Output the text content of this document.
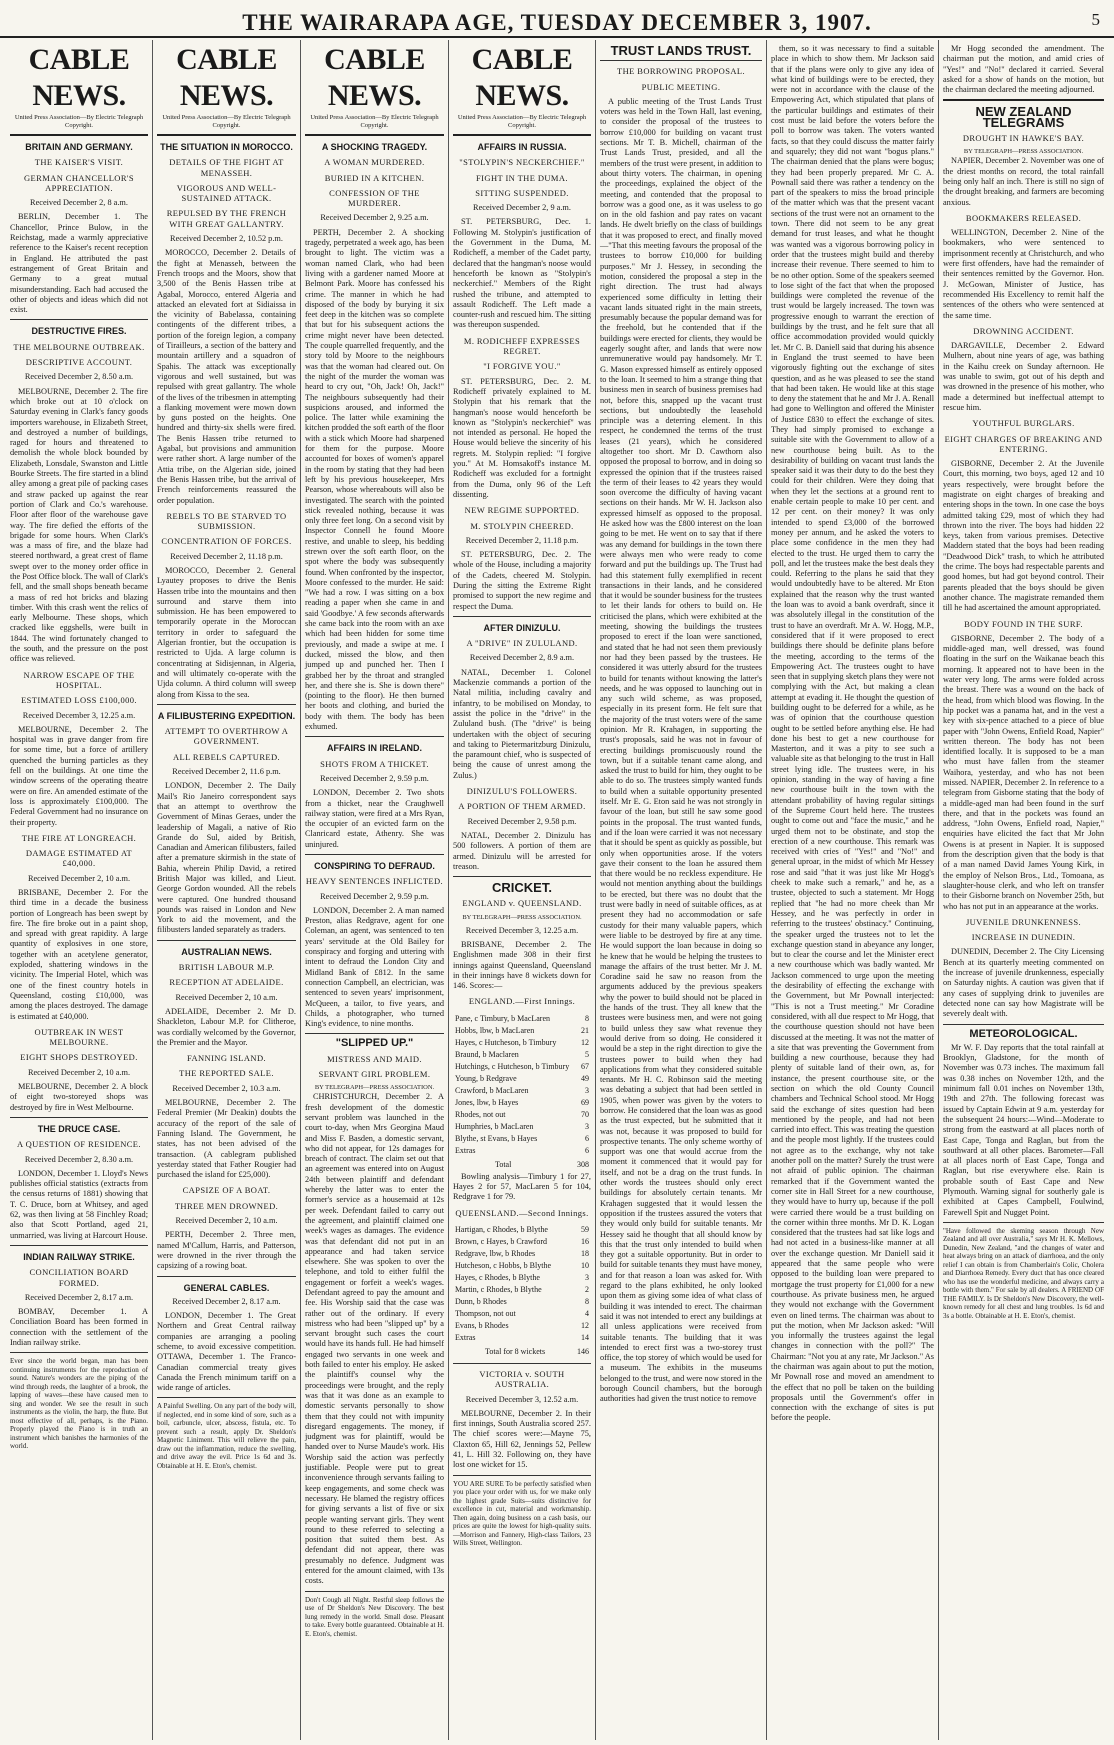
THE WAIRARAPA AGE, TUESDAY DECEMBER 3, 1907.	5
CABLE NEWS.
United Press Association—By Electric Telegraph Copyright.
BRITAIN AND GERMANY.
THE KAISER'S VISIT.
GERMAN CHANCELLOR'S APPRECIATION.
Received December 2, 8 a.m.
BERLIN, December 1. The Chancellor, Prince Bulow, in the Reichstag, made a warmly appreciative reference to the Kaiser's recent reception in England. He attributed the past estrangement of Great Britain and Germany to a great mutual misunderstanding. Each had accused the other of objects and ideas which did not exist.
DESTRUCTIVE FIRES.
THE MELBOURNE OUTBREAK.
DESCRIPTIVE ACCOUNT.
Received December 2, 8.50 a.m.
MELBOURNE, December 2. The fire which broke out at 10 o'clock on Saturday evening in Clark's fancy goods importers warehouse, in Elizabeth Street, and destroyed a number of buildings, raged for hours and threatened to demolish the whole block bounded by Elizabeth, Lonsdale, Swanston and Little Bourke Streets. The fire started in a blind alley among a great pile of packing cases and straw packed up against the rear portion of Clark and Co.'s warehouse. Floor after floor of the warehouse gave way. The fire defied the efforts of the brigade for some hours. When Clark's was a mass of fire, and the blaze had steered northward, a great crest of flame swept over to the money order office in the Post Office block. The wall of Clark's fell, and the small shops beneath became a mass of red hot bricks and blazing timber. With this crash went the relics of early Melbourne. These shops, which cracked like eggshells, were built in 1844. The wind fortunately changed to the south, and the pressure on the post office was relieved.
NARROW ESCAPE OF THE HOSPITAL.
ESTIMATED LOSS £100,000.
Received December 3, 12.25 a.m.
MELBOURNE, December 2. The hospital was in grave danger from fire for some time, but a force of artillery quenched the burning particles as they fell on the buildings. At one time the window screens of the operating theatre were on fire. An amended estimate of the loss is approximately £100,000. The Federal Government had no insurance on their property.
THE FIRE AT LONGREACH.
DAMAGE ESTIMATED AT £40,000.
Received December 2, 10 a.m.
BRISBANE, December 2. For the third time in a decade the business portion of Longreach has been swept by fire. The fire broke out in a paint shop, and spread with great rapidity. A large quantity of explosives in one store, together with an acetylene generator, exploded, shattering windows in the vicinity. The Imperial Hotel, which was one of the finest country hotels in Queensland, costing £10,000, was among the places destroyed. The damage is estimated at £40,000.
OUTBREAK IN WEST MELBOURNE.
EIGHT SHOPS DESTROYED.
Received December 2, 10 a.m.
MELBOURNE, December 2. A block of eight two-storeyed shops was destroyed by fire in West Melbourne.
THE DRUCE CASE.
A QUESTION OF RESIDENCE.
Received December 2, 8.30 a.m.
LONDON, December 1. Lloyd's News publishes official statistics (extracts from the census returns of 1881) showing that T. C. Druce, born at Whitsey, and aged 62, was then living at 58 Finchley Road; also that Scott Portland, aged 21, unmarried, was living at Harcourt House.
INDIAN RAILWAY STRIKE.
CONCILIATION BOARD FORMED.
Received December 2, 8.17 a.m.
BOMBAY, December 1. A Conciliation Board has been formed in connection with the settlement of the Indian railway strike.
Ever since the world began, man has been continuing instruments for the reproduction of sound. Nature's wonders are the piping of the wind through reeds, the laughter of a brook, the lapping of waves—these have caused men to sing and wonder. We see the result in such instruments as the violin, the harp, the flute. But most effective of all, perhaps, is the Piano. Properly played the Piano is in truth an instrument which banishes the harmonies of the world.
CABLE NEWS.
United Press Association—By Electric Telegraph Copyright.
THE SITUATION IN MOROCCO.
DETAILS OF THE FIGHT AT MENASSEH.
VIGOROUS AND WELL-SUSTAINED ATTACK.
REPULSED BY THE FRENCH WITH GREAT GALLANTRY.
Received December 2, 10.52 p.m.
MOROCCO, December 2. Details of the fight at Menasseh, between the French troops and the Moors, show that 3,500 of the Benis Hassen tribe at Agabal, Morocco, entered Algeria and attacked an elevated fort at Sidiaissa in the vicinity of Babelassa, containing contingents of the different tribes, a portion of the foreign legion, a company of Tirailleurs, a section of the battery and mountain artillery and a squadron of Spahis. The attack was exceptionally vigorous and well sustained, but was repulsed with great gallantry. The whole of the lives of the tribesmen in attempting a flanking movement were mown down by guns posted on the heights. One hundred and thirty-six shells were fired. The Benis Hassen tribe returned to Agabal, but provisions and ammunition were rather short. A large number of the Attia tribe, on the Algerian side, joined the Benis Hassen tribe, but the arrival of French reinforcements reassured the order population.
REBELS TO BE STARVED TO SUBMISSION.
CONCENTRATION OF FORCES.
Received December 2, 11.18 p.m.
MOROCCO, December 2. General Lyautey proposes to drive the Benis Hassen tribe into the mountains and then surround and starve them into submission. He has been empowered to temporarily operate in the Moroccan territory in order to safeguard the Algerian frontier, but the occupation is restricted to Ujda. A large column is concentrating at Sidisjennan, in Algeria, and will ultimately co-operate with the Ujda column. A third column will sweep along from Kissa to the sea.
A FILIBUSTERING EXPEDITION.
ATTEMPT TO OVERTHROW A GOVERNMENT.
ALL REBELS CAPTURED.
Received December 2, 11.6 p.m.
LONDON, December 2. The Daily Mail's Rio Janeiro correspondent says that an attempt to overthrow the Government of Minas Geraes, under the leadership of Magali, a native of Rio Grande do Sul, aided by British, Canadian and American filibusters, failed after a premature skirmish in the state of Bahia, wherein Philip David, a retired British Major was killed, and Lieut. George Gordon wounded. All the rebels were captured. One hundred thousand pounds was raised in London and New York to aid the movement, and the filibusters landed separately as traders.
AUSTRALIAN NEWS.
BRITISH LABOUR M.P.
RECEPTION AT ADELAIDE.
Received December 2, 10 a.m.
ADELAIDE, December 2. Mr D. Shackleton, Labour M.P. for Clitheroe, was cordially welcomed by the Governor, the Premier and the Mayor.
FANNING ISLAND.
THE REPORTED SALE.
Received December 2, 10.3 a.m.
MELBOURNE, December 2. The Federal Premier (Mr Deakin) doubts the accuracy of the report of the sale of Fanning Island. The Government, he states, has not been advised of the transaction. (A cablegram published yesterday stated that Father Rougier had purchased the island for £25,000).
CAPSIZE OF A BOAT.
THREE MEN DROWNED.
Received December 2, 10 a.m.
PERTH, December 2. Three men, named M'Callum, Harris, and Patterson, were drowned in the river through the capsizing of a rowing boat.
GENERAL CABLES.
Received December 2, 8.17 a.m.
LONDON, December 1. The Great Northern and Great Central railway companies are arranging a pooling scheme, to avoid excessive competition. OTTAWA, December 1. The Franco-Canadian commercial treaty gives Canada the French minimum tariff on a wide range of articles.
A Painful Swelling. On any part of the body will, if neglected, end in some kind of sore, such as a boil, carbuncle, ulcer, abscess, fistula, etc. To prevent such a result, apply Dr. Sheldon's Magnetic Liniment. This will relieve the pain, draw out the inflammation, reduce the swelling, and drive away the evil. Price 1s 6d and 3s. Obtainable at H. E. Eton's, chemist.
CABLE NEWS.
United Press Association—By Electric Telegraph Copyright.
A SHOCKING TRAGEDY.
A WOMAN MURDERED.
BURIED IN A KITCHEN.
CONFESSION OF THE MURDERER.
Received December 2, 9.25 a.m.
PERTH, December 2. A shocking tragedy, perpetrated a week ago, has been brought to light. The victim was a woman named Clark, who had been living with a gardener named Moore at Belmont Park. Moore has confessed his crime. The manner in which he had disposed of the body by burying it six feet deep in the kitchen was so complete that but for his subsequent actions the crime might never have been detected. The couple quarrelled frequently, and the story told by Moore to the neighbours was that the woman had cleared out. On the night of the murder the woman was heard to cry out, "Oh, Jack! Oh, Jack!" The neighbours subsequently had their suspicions aroused, and informed the police. The latter while examining the kitchen prodded the soft earth of the floor with a stick which Moore had sharpened for them for the purpose. Moore accounted for boxes of women's apparel in the room by stating that they had been left by his previous housekeeper, Mrs Pearson, whose whereabouts will also be investigated. The search with the pointed stick revealed nothing, because it was only three feet long. On a second visit by Inspector Connell he found Moore restive, and unable to sleep, his bedding strewn over the soft earth floor, on the spot where the body was subsequently found. When confronted by the inspector, Moore confessed to the murder. He said: "We had a row. I was sitting on a box reading a paper when she came in and said 'Goodbye.' A few seconds afterwards she came back into the room with an axe which had been hidden for some time previously, and made a swipe at me. I ducked, missed the blow, and then jumped up and punched her. Then I grabbed her by the throat and strangled her, and there she is. She is down there" (pointing to the floor). He then burned her boots and clothing, and buried the body with them. The body has been exhumed.
AFFAIRS IN IRELAND.
SHOTS FROM A THICKET.
Received December 2, 9.59 p.m.
LONDON, December 2. Two shots from a thicket, near the Craughwell railway station, were fired at a Mrs Ryan, the occupier of an evicted farm on the Clanricard estate, Athenry. She was uninjured.
CONSPIRING TO DEFRAUD.
HEAVY SENTENCES INFLICTED.
Received December 2, 9.59 p.m.
LONDON, December 2. A man named Preston, alias Redgrave, agent for one Coleman, an agent, was sentenced to ten years' servitude at the Old Bailey for conspiracy and forging and uttering with intent to defraud the London City and Midland Bank of £812. In the same connection Campbell, an electrician, was sentenced to seven years' imprisonment, McQueen, a tailor, to five years, and Childs, a photographer, who turned King's evidence, to nine months.
"SLIPPED UP."
MISTRESS AND MAID.
SERVANT GIRL PROBLEM.
BY TELEGRAPH—PRESS ASSOCIATION.
CHRISTCHURCH, December 2. A fresh development of the domestic servant problem was launched in the court to-day, when Mrs Georgina Maud and Miss F. Basden, a domestic servant, who did not appear, for 12s damages for breach of contract. The claim set out that an agreement was entered into on August 24th between plaintiff and defendant whereby the latter was to enter the former's service as a housemaid at 12s per week. Defendant failed to carry out the agreement, and plaintiff claimed one week's wages as damages. The evidence was that defendant did not put in an appearance and had taken service elsewhere. She was spoken to over the telephone, and told to either fulfil the engagement or forfeit a week's wages. Defendant agreed to pay the amount and fee. His Worship said that the case was rather out of the ordinary. If every mistress who had been "slipped up" by a servant brought such cases the court would have its hands full. He had himself engaged two servants in one week and both failed to enter his employ. He asked the plaintiff's counsel why the proceedings were brought, and the reply was that it was done as an example to domestic servants personally to show them that they could not with impunity disregard engagements. The money, if judgment was for plaintiff, would be handed over to Nurse Maude's work. His Worship said the action was perfectly justifiable. People were put to great inconvenience through servants failing to keep engagements, and some check was necessary. He blamed the registry offices for giving servants a list of five or six people wanting servant girls. They went round to these referred to selecting a position that suited them best. As defendant did not appear, there was presumably no defence. Judgment was entered for the amount claimed, with 13s costs.
Don't Cough all Night. Restful sleep follows the use of Dr Sheldon's New Discovery. The best lung remedy in the world. Small dose. Pleasant to take. Every bottle guaranteed. Obtainable at H. E. Eton's, chemist.
CABLE NEWS.
United Press Association—By Electric Telegraph Copyright.
AFFAIRS IN RUSSIA.
"STOLYPIN'S NECKERCHIEF."
FIGHT IN THE DUMA.
SITTING SUSPENDED.
Received December 2, 9 a.m.
ST. PETERSBURG, Dec. 1. Following M. Stolypin's justification of the Government in the Duma, M. Rodicheff, a member of the Cadet party, declared that the hangman's noose would henceforth be known as "Stolypin's neckerchief." Members of the Right rushed the tribune, and attempted to assault Rodicheff. The Left made a counter-rush and rescued him. The sitting was thereupon suspended.
M. RODICHEFF EXPRESSES REGRET.
"I FORGIVE YOU."
ST. PETERSBURG, Dec. 2. M. Rodicheff privately explained to M. Stolypin that his remark that the hangman's noose would henceforth be known as "Stolypin's neckerchief" was not intended as personal. He hoped the House would believe the sincerity of his regrets. M. Stolypin replied: "I forgive you." At M. Homsakoff's instance M. Rodicheff was excluded for a fortnight from the Duma, only 96 of the Left dissenting.
NEW REGIME SUPPORTED.
M. STOLYPIN CHEERED.
Received December 2, 11.18 p.m.
ST. PETERSBURG, Dec. 2. The whole of the House, including a majority of the Cadets, cheered M. Stolypin. During the sitting the Extreme Right promised to support the new regime and respect the Duma.
AFTER DINIZULU.
A "DRIVE" IN ZULULAND.
Received December 2, 8.9 a.m.
NATAL, December 1. Colonel Mackenzie commands a portion of the Natal militia, including cavalry and infantry, to be mobilised on Monday, to assist the police in the "drive" in the Zululand bush. (The "drive" is being undertaken with the object of securing and taking to Pietermaritzburg Dinizulu, the paramount chief, who is suspected of being the cause of unrest among the Zulus.)
DINIZULU'S FOLLOWERS.
A PORTION OF THEM ARMED.
Received December 2, 9.58 p.m.
NATAL, December 2. Dinizulu has 500 followers. A portion of them are armed. Dinizulu will be arrested for treason.
CRICKET.
ENGLAND v. QUEENSLAND.
BY TELEGRAPH—PRESS ASSOCIATION.
Received December 3, 12.25 a.m.
BRISBANE, December 2. The Englishmen made 308 in their first innings against Queensland, Queensland in their innings have 8 wickets down for 146. Scores:—
ENGLAND.—First Innings.
Pane, c Timbury, b MacLaren	8
Hobbs, lbw, b MacLaren	21
Hayes, c Hutcheson, b Timbury	12
Braund, b Maclaren	5
Hutchings, c Hutcheson, b Timbury	67
Young, b Redgrave	49
Crawford, b MacLaren	3
Jones, lbw, b Hayes	69
Rhodes, not out	70
Humphries, b MacLaren	3
Blythe, st Evans, b Hayes	6
Extras	6
Total	308
Bowling analysis—Timbury 1 for 27, Hayes 2 for 57, MacLaren 5 for 104, Redgrave 1 for 79.
QUEENSLAND.—Second Innings.
Hartigan, c Rhodes, b Blythe	59
Brown, c Hayes, b Crawford	16
Redgrave, lbw, b Rhodes	18
Hutcheson, c Hobbs, b Blythe	10
Hayes, c Rhodes, b Blythe	3
Martin, c Rhodes, b Blythe	2
Dunn, b Rhodes	8
Thompson, not out	4
Evans, b Rhodes	12
Extras	14
Total for 8 wickets	146
VICTORIA v. SOUTH AUSTRALIA.
Received December 3, 12.52 a.m.
MELBOURNE, December 2. In their first innings, South Australia scored 257. The chief scores were:—Mayne 75, Claxton 65, Hill 62, Jennings 52, Pellew 41, L. Hill 32. Following on, they have lost one wicket for 15.
YOU ARE SURE To be perfectly satisfied when you place your order with us, for we make only the highest grade Suits—suits distinctive for excellence in cut, material and workmanship. Then again, doing business on a cash basis, our prices are quite the lowest for high-quality suits.—Morrison and Fannery, High-class Tailors, 23 Wills Street, Wellington.
TRUST LANDS TRUST.
THE BORROWING PROPOSAL.
PUBLIC MEETING.
A public meeting of the Trust Lands Trust voters was held in the Town Hall, last evening, to consider the proposal of the trustees to borrow £10,000 for building on vacant trust sections. Mr T. B. Michell, chairman of the Trust Lands Trust, presided, and all the members of the trust were present, in addition to about thirty voters. The chairman, in opening the proceedings, explained the object of the meeting, and contended that the proposal to borrow was a good one, as it was useless to go on in the old fashion and pay rates on vacant lands. He dwelt briefly on the class of buildings that it was proposed to erect, and finally moved—"That this meeting favours the proposal of the trustees to borrow £10,000 for building purposes." Mr J. Hessey, in seconding the motion, considered the proposal a step in the right direction. The trust had always experienced some difficulty in letting their vacant lands situated right in the main streets, presumably because the popular demand was for the freehold, but he contended that if the buildings were erected for clients, they would be eagerly sought after, and lands that were now unremunerative would pay handsomely. Mr T. G. Mason expressed himself as entirely opposed to the loan. It seemed to him a strange thing that business men in search of business premises had not, before this, snapped up the vacant trust sections, but undoubtedly the leasehold principle was a deterring element. In this respect, he condemned the terms of the trust leases (21 years), which he considered altogether too short. Mr D. Cawthorn also opposed the proposal to borrow, and in doing so expressed the opinion that if the trustees raised the term of their leases to 42 years they would soon overcome the difficulty of having vacant sections on their hands. Mr W. H. Jackson also expressed himself as opposed to the proposal. He asked how was the £800 interest on the loan going to be met. He went on to say that if there was any demand for buildings in the town there were always men who were ready to come forward and put the buildings up. The Trust had had this statement fully exemplified in recent transactions in their lands, and he considered that it would be sounder business for the trustees to let their lands for others to build on. He criticised the plans, which were exhibited at the meeting, showing the buildings the trustees proposed to erect if the loan were sanctioned, and stated that he had not seen them previously nor had they been passed by the trustees. He considered it was utterly absurd for the trustees to build for tenants without knowing the latter's needs, and he was opposed to launching out in any such wild scheme, as was proposed, especially in its present form. He felt sure that the majority of the trust voters were of the same opinion. Mr R. Krahagen, in supporting the trust's proposals, said he was not in favour of erecting buildings promiscuously round the town, but if a suitable tenant came along, and asked the trust to build for him, they ought to be able to do so. The trustees simply wanted funds to build when a suitable opportunity presented itself. Mr E. G. Eton said he was not strongly in favour of the loan, but still he saw some good points in the proposal. The trust wanted funds, and if the loan were carried it was not necessary that it should be spent as quickly as possible, but only when opportunities arose. If the voters gave their consent to the loan he assured them that there would be no reckless expenditure. He would not mention anything about the buildings to be erected, but there was no doubt that the trust were badly in need of suitable offices, as at present they had no accommodation or safe custody for their many valuable papers, which were liable to be destroyed by fire at any time. He would support the loan because in doing so he knew that he would be helping the trustees to manage the affairs of the trust better. Mr J. M. Coradine said he saw no reason from the arguments adduced by the previous speakers why the power to build should not be placed in the hands of the trust. They all knew that the trustees were business men, and were not going to build unless they saw what revenue they would derive from so doing. He considered it would be a step in the right direction to give the trustees power to build when they had applications from what they considered suitable tenants. Mr H. C. Robinson said the meeting was debating a subject that had been settled in 1905, when power was given by the voters to borrow. He considered that the loan was as good as the trust expected, but he submitted that it was not, because it was proposed to build for prospective tenants. The only scheme worthy of support was one that would accrue from the moment it commenced that it would pay for itself, and not be a drag on the trust funds. In other words the trustees should only erect buildings for absolutely certain tenants. Mr Krahagen suggested that it would lessen the opposition if the trustees assured the voters that they would only build for suitable tenants. Mr Hessey said he thought that all should know by this that the trust only intended to build when they got a suitable opportunity. But in order to build for suitable tenants they must have money, and for that reason a loan was asked for. With regard to the plans exhibited, he only looked upon them as giving some idea of what class of building it was intended to erect. The chairman said it was not intended to erect any buildings at all unless applications were received from suitable tenants. The building that it was intended to erect first was a two-storey trust office, the top storey of which would be used for a museum. The exhibits in the museums belonged to the trust, and were now stored in the borough Council chambers, but the borough authorities had given the trust notice to remove
them, so it was necessary to find a suitable place in which to show them. Mr Jackson said that if the plans were only to give any idea of what kind of buildings were to be erected, they were not in accordance with the clause of the Empowering Act, which stipulated that plans of the particular buildings and estimates of their cost must be laid before the voters before the poll to borrow was taken. The voters wanted facts, so that they could discuss the matter fairly and squarely; they did not want "bogus plans." The chairman denied that the plans were bogus; they had been properly prepared. Mr C. A. Pownall said there was rather a tendency on the part of the speakers to miss the broad principle of the matter which was that the present vacant sections of the trust were not an ornament to the town. There did not seem to be any great demand for trust leases, and what he thought was wanted was a vigorous borrowing policy in order that the trustees might build and thereby increase their revenue. There seemed to him to be no other option. Some of the speakers seemed to lose sight of the fact that when the proposed buildings were completed the revenue of the trust would be largely increased. The town was progressive enough to warrant the erection of buildings by the trust, and he felt sure that all office accommodation provided would quickly let. Mr C. B. Daniell said that during his absence in England the trust seemed to have been vigorously fighting out the exchange of sites question, and as he was pleased to see the stand that had been taken. He would like at this stage to deny the statement that he and Mr J. A. Renall had gone to Wellington and offered the Minister of Justice £830 to effect the exchange of sites. They had simply promised to exchange a suitable site with the Government to allow of a new courthouse being built. As to the desirability of building on vacant trust lands the speaker said it was their duty to do the best they could for their children. Were they doing that when they let the sections at a ground rent to enable certain people to make 10 per cent. and 12 per cent. on their money? It was only intended to spend £3,000 of the borrowed money per annum, and he asked the voters to place some confidence in the men they had elected to the trust. He urged them to carry the poll, and let the trustees make the best deals they could. Referring to the plans he said that they would undoubtedly have to be altered. Mr Eton explained that the reason why the trust wanted the loan was to avoid a bank overdraft, since it was absolutely illegal in the constitution of the trust to have an overdraft. Mr A. W. Hogg, M.P., considered that if it were proposed to erect buildings there should be definite plans before the meeting, according to the terms of the Empowering Act. The trustees ought to have seen that in supplying sketch plans they were not complying with the Act, but making a clean attempt at evading it. He thought the question of building ought to be deferred for a while, as he was of opinion that the courthouse question ought to be settled before anything else. He had done his best to get a new courthouse for Masterton, and it was a pity to see such a valuable site as that belonging to the trust in Hall street lying idle. The trustees were, in his opinion, standing in the way of having a fine new courthouse built in the town with the attendant probability of having regular sittings of the Supreme Court held here. The trustees ought to come out and "face the music," and he urged them not to be obstinate, and stop the erection of a new courthouse. This remark was received with cries of "Yes!" and "No!" and general uproar, in the midst of which Mr Hessey rose and said "that it was just like Mr Hogg's cheek to make such a remark," and he, as a trustee, objected to such a statement. Mr Hogg replied that "he had no more cheek than Mr Hessey, and he was perfectly in order in referring to the trustees' obstinacy." Continuing, the speaker urged the trustees not to let the exchange question stand in abeyance any longer, but to clear the course and let the Minister erect a new courthouse which was badly wanted. Mr Jackson commenced to urge upon the meeting the desirability of effecting the exchange with the Government, but Mr Pownall interjected: "This is not a Trust meeting." Mr Coradine considered, with all due respect to Mr Hogg, that the courthouse question should not have been discussed at the meeting. It was not the matter of a site that was preventing the Government from building a new courthouse, because they had plenty of suitable land of their own, as, for instance, the present courthouse site, or the section on which the old County Council chambers and Technical School stood. Mr Hogg said the exchange of sites question had been mentioned by the people, and had not been carried into effect. This was treating the question and the people most lightly. If the trustees could not agree as to the exchange, why not take another poll on the matter? Surely the trust were not afraid of public opinion. The chairman remarked that if the Government wanted the corner site in Hall Street for a new courthouse, they would have to hurry up, because if the poll were carried there would be a trust building on the corner within three months. Mr D. K. Logan considered that the trustees had sat like logs and had not acted in a business-like manner at all over the exchange question. Mr Daniell said it appeared that the same people who were opposed to the building loan were prepared to mortgage the trust property for £1,000 for a new courthouse. As private business men, he argued they would not exchange with the Government even on lined terms. The chairman was about to put the motion, when Mr Jackson asked: "Will you informally the trustees against the legal changes in connection with the poll?" The Chairman: "Not you at any rate, Mr Jackson." As the chairman was again about to put the motion, Mr Pownall rose and moved an amendment to the effect that no poll be taken on the building proposals until the Government's offer in connection with the exchange of sites is put before the people.
Mr Hogg seconded the amendment. The chairman put the motion, and amid cries of "Yes!" and "No!" declared it carried. Several asked for a show of hands on the motion, but the chairman declared the meeting adjourned.
NEW ZEALAND TELEGRAMS
DROUGHT IN HAWKE'S BAY.
BY TELEGRAPH—PRESS ASSOCIATION.
NAPIER, December 2. November was one of the driest months on record, the total rainfall being only half an inch. There is still no sign of the drought breaking, and farmers are becoming anxious.
BOOKMAKERS RELEASED.
WELLINGTON, December 2. Nine of the bookmakers, who were sentenced to imprisonment recently at Christchurch, and who were first offenders, have had the remainder of their sentences remitted by the Governor. Hon. J. McGowan, Minister of Justice, has recommended His Excellency to remit half the sentences of the others who were sentenced at the same time.
DROWNING ACCIDENT.
DARGAVILLE, December 2. Edward Mulhern, about nine years of age, was bathing in the Kaihu creek on Sunday afternoon. He was unable to swim, got out of his depth and was drowned in the presence of his mother, who made a determined but ineffectual attempt to rescue him.
YOUTHFUL BURGLARS.
EIGHT CHARGES OF BREAKING AND ENTERING.
GISBORNE, December 2. At the Juvenile Court, this morning, two boys, aged 12 and 10 years respectively, were brought before the magistrate on eight charges of breaking and entering shops in the town. In one case the boys admitted taking £29, most of which they had thrown into the river. The boys had hidden 22 keys, taken from various premises. Detective Maddern stated that the boys had been reading "Deadwood Dick" trash, to which he attributed the crime. The boys had respectable parents and good homes, but had got beyond control. Their parents pleaded that the boys should be given another chance. The magistrate remanded them till he had ascertained the amount appropriated.
BODY FOUND IN THE SURF.
GISBORNE, December 2. The body of a middle-aged man, well dressed, was found floating in the surf on the Waikanae beach this morning. It appeared not to have been in the water very long. The arms were folded across the breast. There was a wound on the back of the head, from which blood was flowing. In the hip pocket was a panama hat, and in the vest a key with six-pence attached to a piece of blue paper with "John Owens, Enfield Road, Napier" written thereon. The body has not been identified locally. It is supposed to be a man who must have fallen from the steamer Waihora, yesterday, and who has not been missed. NAPIER, December 2. In reference to a telegram from Gisborne stating that the body of a middle-aged man had been found in the surf there, and that in the pockets was found an address, "John Owens, Enfield road, Napier," enquiries have elicited the fact that Mr John Owens is at present in Napier. It is supposed from the description given that the body is that of a man named David James Young Kirk, in the employ of Nelson Bros., Ltd., Tomoana, as slaughter-house clerk, and who left on transfer to their Gisborne branch on November 25th, but who has not put in an appearance at the works.
JUVENILE DRUNKENNESS.
INCREASE IN DUNEDIN.
DUNEDIN, December 2. The City Licensing Bench at its quarterly meeting commented on the increase of juvenile drunkenness, especially on Saturday nights. A caution was given that if any cases of supplying drink to juveniles are detected none can say how Magistrate will be severely dealt with.
METEOROLOGICAL.
Mr W. F. Day reports that the total rainfall at Brooklyn, Gladstone, for the month of November was 0.73 inches. The maximum fall was 0.38 inches on November 12th, and the minimum fall 0.01 inches on November 13th, 19th and 27th. The following forecast was issued by Captain Edwin at 9 a.m. yesterday for the subsequent 24 hours:—Wind—Moderate to strong from the eastward at all places north of East Cape, Tonga and Raglan, but from the southward at all other places. Barometer—Fall at all places north of East Cape, Tonga and Raglan, but rise everywhere else. Rain is probable south of East Cape and New Plymouth. Warning signal for southerly gale is exhibited at Capes Campbell, Foulwind, Farewell Spit and Nugget Point.
"Have followed the skeming season through New Zealand and all over Australia," says Mr H. K. Mellows, Dunedin, New Zealand, "and the changes of water and heat always bring on an attack of diarrhoea, and the only relief I can obtain is from Chamberlain's Colic, Cholera and Diarrhoea Remedy. Every duct that has once cleared who has use the wonderful medicine, and always carry a bottle with them." For sale by all dealers. A FRIEND OF THE FAMILY. Is Dr Sheldon's New Discovery, the well-known remedy for all chest and lung troubles. 1s 6d and 3s a bottle. Obtainable at H. E. Eton's, chemist.
